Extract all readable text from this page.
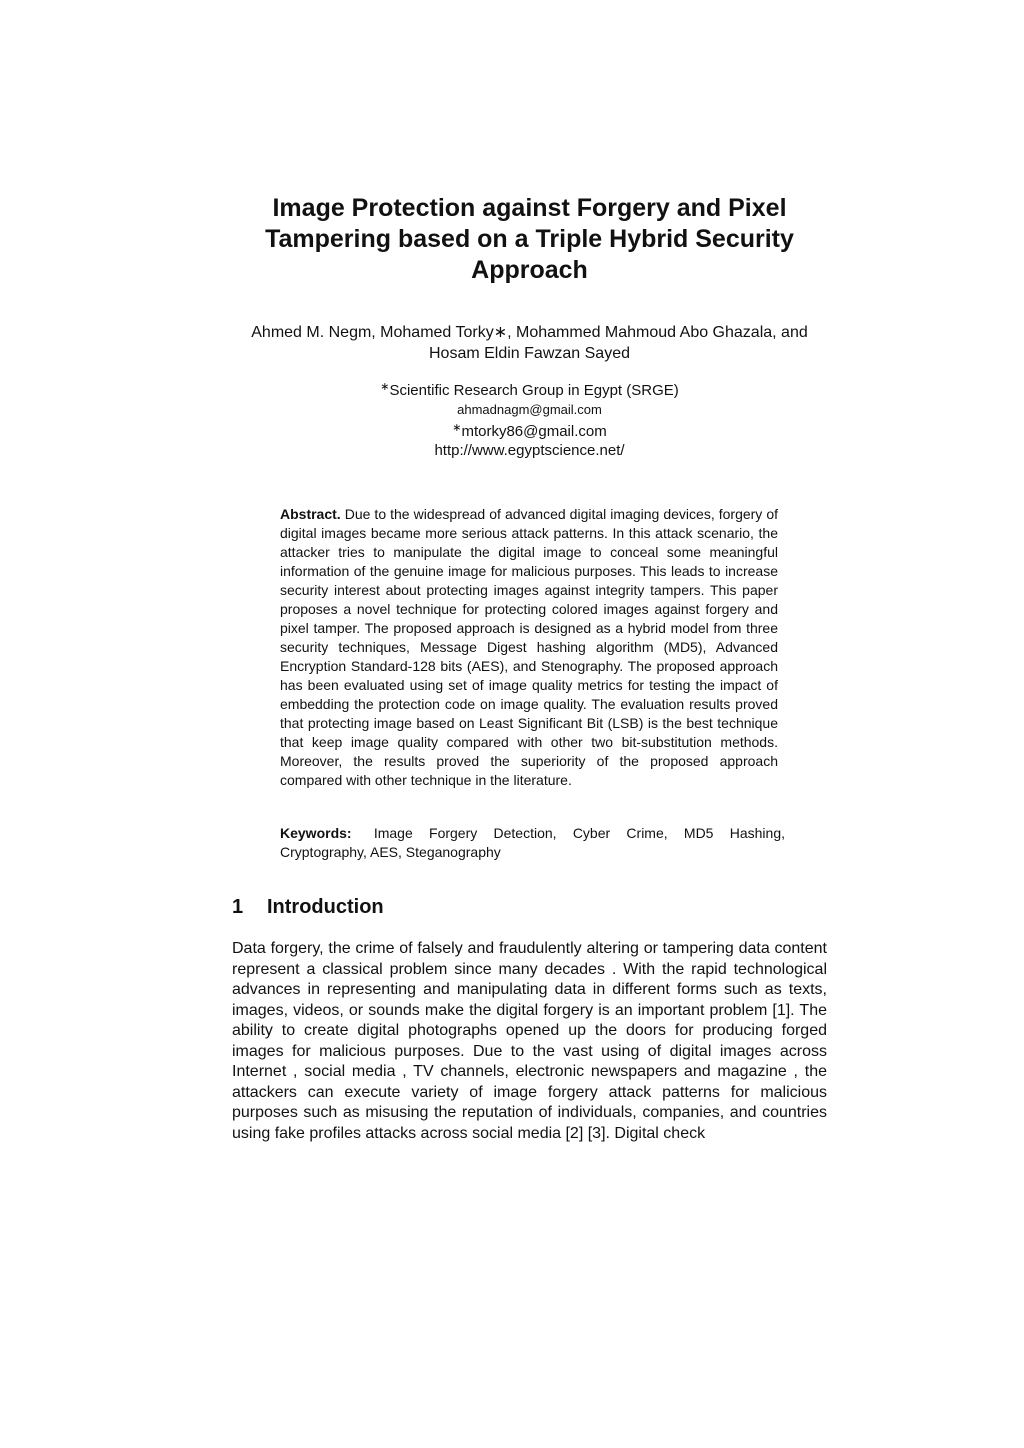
Image Protection against Forgery and Pixel Tampering based on a Triple Hybrid Security Approach
Ahmed M. Negm, Mohamed Torky∗, Mohammed Mahmoud Abo Ghazala, and
Hosam Eldin Fawzan Sayed
∗Scientific Research Group in Egypt (SRGE)
ahmadnagm@gmail.com
∗mtorky86@gmail.com
http://www.egyptscience.net/
Abstract. Due to the widespread of advanced digital imaging devices, forgery of digital images became more serious attack patterns. In this attack scenario, the attacker tries to manipulate the digital image to conceal some meaningful information of the genuine image for malicious purposes. This leads to increase security interest about protecting images against integrity tampers. This paper proposes a novel technique for protecting colored images against forgery and pixel tamper. The proposed approach is designed as a hybrid model from three security techniques, Message Digest hashing algorithm (MD5), Advanced Encryption Standard-128 bits (AES), and Stenography. The proposed approach has been evaluated using set of image quality metrics for testing the impact of embedding the protection code on image quality. The evaluation results proved that protecting image based on Least Significant Bit (LSB) is the best technique that keep image quality compared with other two bit-substitution methods. Moreover, the results proved the superiority of the proposed approach compared with other technique in the literature.
Keywords: Image Forgery Detection, Cyber Crime, MD5 Hashing, Cryptography, AES, Steganography
1 Introduction
Data forgery, the crime of falsely and fraudulently altering or tampering data content represent a classical problem since many decades . With the rapid technological advances in representing and manipulating data in different forms such as texts, images, videos, or sounds make the digital forgery is an important problem [1]. The ability to create digital photographs opened up the doors for producing forged images for malicious purposes. Due to the vast using of digital images across Internet , social media , TV channels, electronic newspapers and magazine , the attackers can execute variety of image forgery attack patterns for malicious purposes such as misusing the reputation of individuals, companies, and countries using fake profiles attacks across social media [2] [3]. Digital check
